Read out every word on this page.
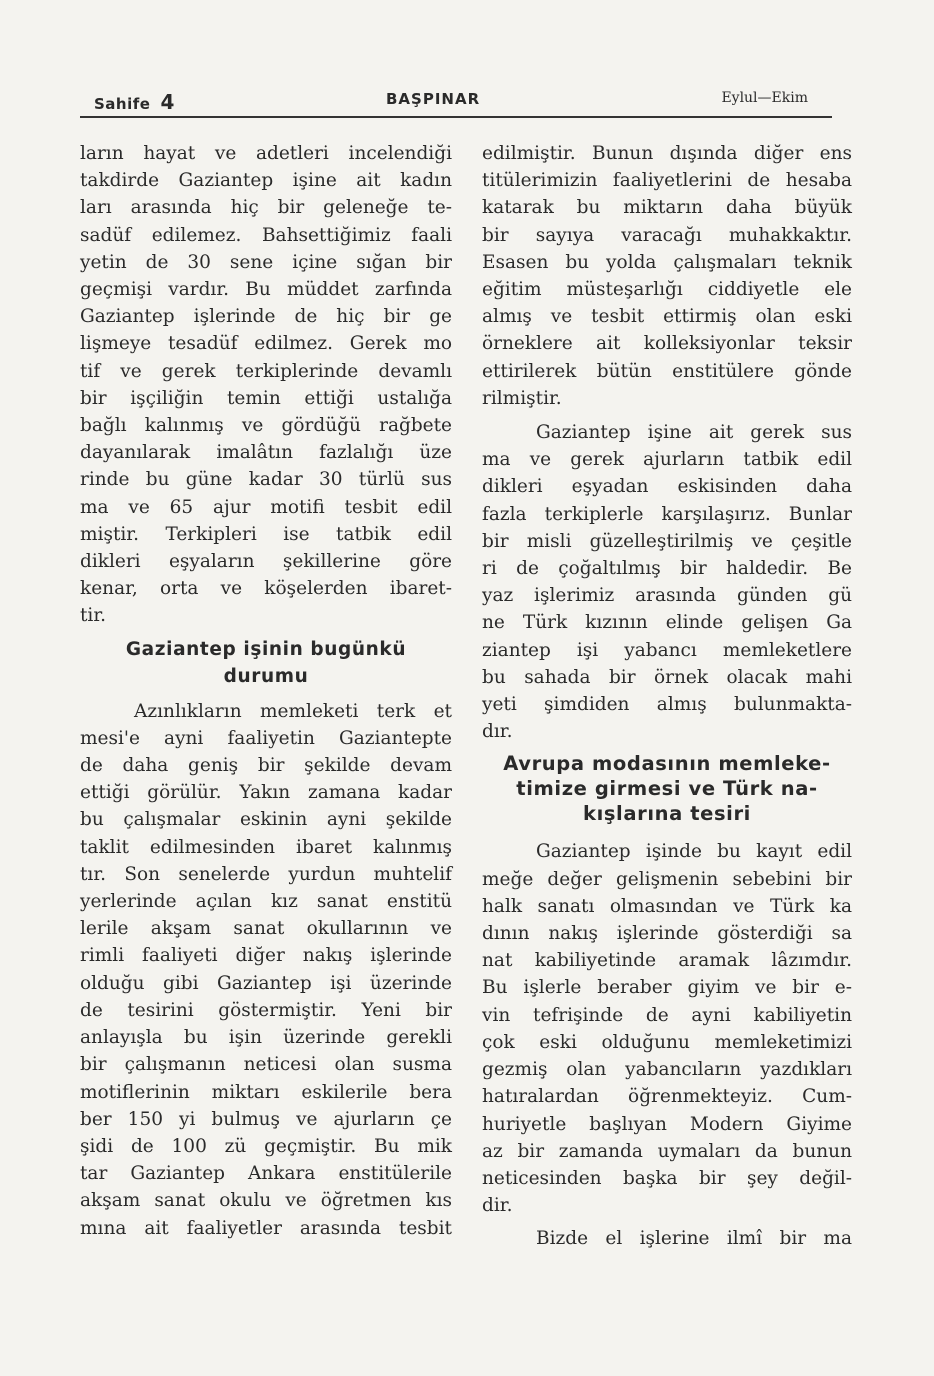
Sahife 4	BAŞPINAR	Eylul—Ekim
ların hayat ve adetleri incelendiği
takdirde Gaziantep işine ait kadın
ları arasında hiç bir geleneğe te-
sadüf edilemez. Bahsettiğimiz faali
yetin de 30 sene içine sığan bir
geçmişi vardır. Bu müddet zarfında
Gaziantep işlerinde de hiç bir ge
lişmeye tesadüf edilmez. Gerek mo
tif ve gerek terkiplerinde devamlı
bir işçiliğin temin ettiği ustalığa
bağlı kalınmış ve gördüğü rağbete
dayanılarak imalâtın fazlalığı üze
rinde bu güne kadar 30 türlü sus
ma ve 65 ajur motifi tesbit edil
miştir. Terkipleri ise tatbik edil
dikleri eşyaların şekillerine göre
kenar, orta ve köşelerden ibaret-
tir.
Gaziantep işinin bugünkü
durumu
Azınlıkların memleketi terk et
mesi'e ayni faaliyetin Gaziantepte
de daha geniş bir şekilde devam
ettiği görülür. Yakın zamana kadar
bu çalışmalar eskinin ayni şekilde
taklit edilmesinden ibaret kalınmış
tır. Son senelerde yurdun muhtelif
yerlerinde açılan kız sanat enstitü
lerile akşam sanat okullarının ve
rimli faaliyeti diğer nakış işlerinde
olduğu gibi Gaziantep işi üzerinde
de tesirini göstermiştir. Yeni bir
anlayışla bu işin üzerinde gerekli
bir çalışmanın neticesi olan susma
motiflerinin miktarı eskilerile bera
ber 150 yi bulmuş ve ajurların çe
şidi de 100 zü geçmiştir. Bu mik
tar Gaziantep Ankara enstitülerile
akşam sanat okulu ve öğretmen kıs
mına ait faaliyetler arasında tesbit
edilmiştir. Bunun dışında diğer ens
titülerimizin faaliyetlerini de hesaba
katarak bu miktarın daha büyük
bir sayıya varacağı muhakkaktır.
Esasen bu yolda çalışmaları teknik
eğitim müsteşarlığı ciddiyetle ele
almış ve tesbit ettirmiş olan eski
örneklere ait kolleksiyonlar teksir
ettirilerek bütün enstitülere gönde
rilmiştir.
Gaziantep işine ait gerek sus
ma ve gerek ajurların tatbik edil
dikleri eşyadan eskisinden daha
fazla terkiplerle karşılaşırız. Bunlar
bir misli güzelleştirilmiş ve çeşitle
ri de çoğaltılmış bir haldedir. Be
yaz işlerimiz arasında günden gü
ne Türk kızının elinde gelişen Ga
ziantep işi yabancı memleketlere
bu sahada bir örnek olacak mahi
yeti şimdiden almış bulunmakta-
dır.
Avrupa modasının memleke-
timize girmesi ve Türk na-
kışlarına tesiri
Gaziantep işinde bu kayıt edil
meğe değer gelişmenin sebebini bir
halk sanatı olmasından ve Türk ka
dının nakış işlerinde gösterdiği sa
nat kabiliyetinde aramak lâzımdır.
Bu işlerle beraber giyim ve bir e-
vin tefrişinde de ayni kabiliyetin
çok eski olduğunu memleketimizi
gezmiş olan yabancıların yazdıkları
hatıralardan öğrenmekteyiz. Cum-
huriyetle başlıyan Modern Giyime
az bir zamanda uymaları da bunun
neticesinden başka bir şey değil-
dir.
Bizde el işlerine ilmî bir ma
